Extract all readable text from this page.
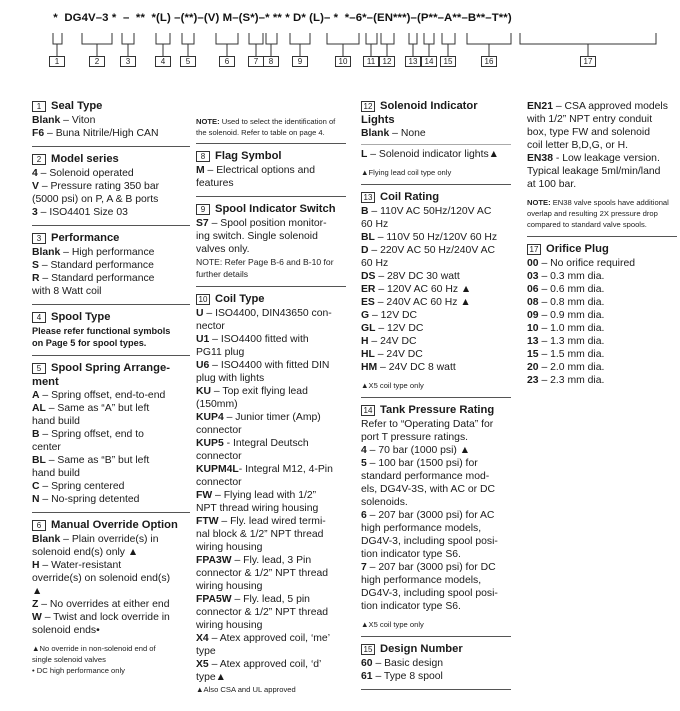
*  DG4V–3 *  –  **  *(L) –(**)–(V) M–(S*)–* ** * D* (L)– *  *–6*–(EN***)–(P**–A**–B**–T**)
1	2	3	4	5	6	7	8	9	10	11 12	13 14	15	16	17
1 Seal Type
Blank – Viton
F6 – Buna Nitrile/High CAN
2 Model series
4 – Solenoid operated
V – Pressure rating 350 bar
(5000 psi) on P, A & B ports
3 – ISO4401 Size 03
3 Performance
Blank – High performance
S – Standard performance
R – Standard performance
with 8 Watt coil
4 Spool Type
Please refer functional symbols
on Page 5 for spool types.
5 Spool Spring Arrange-
ment
A – Spring offset, end-to-end
AL – Same as “A” but left
hand build
B – Spring offset, end to
center
BL – Same as “B” but left
hand build
C – Spring centered
N – No-spring detented
6 Manual Override Option
Blank – Plain override(s) in
solenoid end(s) only ▲
H – Water-resistant
override(s) on solenoid end(s)
▲
Z – No overrides at either end
W – Twist and lock override in
solenoid ends•
▲No override in non-solenoid end of
single solenoid valves
• DC high performance only
NOTE: Used to select the identification of
the solenoid. Refer to table on page 4.
8 Flag Symbol
M – Electrical options and
features
9 Spool Indicator Switch
S7 – Spool position monitor-
ing switch. Single solenoid
valves only.
NOTE: Refer Page B-6 and B-10 for
further details
10 Coil Type
U – ISO4400, DIN43650 con-
nector
U1 – ISO4400 fitted with
PG11 plug
U6 – ISO4400 with fitted DIN
plug with lights
KU – Top exit flying lead
(150mm)
KUP4 – Junior timer (Amp)
connector
KUP5 - Integral Deutsch
connector
KUPM4L- Integral M12, 4-Pin
connector
FW – Flying lead with 1/2”
NPT thread wiring housing
FTW – Fly. lead wired termi-
nal block & 1/2” NPT thread
wiring housing
FPA3W – Fly. lead, 3 Pin
connector & 1/2” NPT thread
wiring housing
FPA5W – Fly. lead, 5 pin
connector & 1/2” NPT thread
wiring housing
X4 – Atex approved coil, ‘me’
type
X5 – Atex approved coil, ‘d’
type▲
▲Also CSA and UL approved
12 Solenoid Indicator
Lights
Blank – None
L – Solenoid indicator lights▲
▲Flying lead coil type only
13 Coil Rating
B – 110V AC 50Hz/120V AC
60 Hz
BL – 110V 50 Hz/120V 60 Hz
D – 220V AC 50 Hz/240V AC
60 Hz
DS – 28V DC 30 watt
ER – 120V AC 60 Hz ▲
ES – 240V AC 60 Hz ▲
G – 12V DC
GL – 12V DC
H – 24V DC
HL – 24V DC
HM – 24V DC 8 watt
▲X5 coil type only
14 Tank Pressure Rating
Refer to “Operating Data” for
port T pressure ratings.
4 – 70 bar (1000 psi) ▲
5 – 100 bar (1500 psi) for
standard performance mod-
els, DG4V-3S, with AC or DC
solenoids.
6 – 207 bar (3000 psi) for AC
high performance models,
DG4V-3, including spool posi-
tion indicator type S6.
7 – 207 bar (3000 psi) for DC
high performance models,
DG4V-3, including spool posi-
tion indicator type S6.
▲X5 coil type only
15 Design Number
60 – Basic design
61 – Type 8 spool
EN21 – CSA approved models
with 1/2” NPT entry conduit
box, type FW and solenoid
coil letter B,D,G, or H.
EN38 - Low leakage version.
Typical leakage 5ml/min/land
at 100 bar.
NOTE: EN38 valve spools have additional
overlap and resulting 2X pressure drop
compared to standard valve spools.
17 Orifice Plug
00 – No orifice required
03 – 0.3 mm dia.
06 – 0.6 mm dia.
08 – 0.8 mm dia.
09 – 0.9 mm dia.
10 – 1.0 mm dia.
13 – 1.3 mm dia.
15 – 1.5 mm dia.
20 – 2.0 mm dia.
23 – 2.3 mm dia.
